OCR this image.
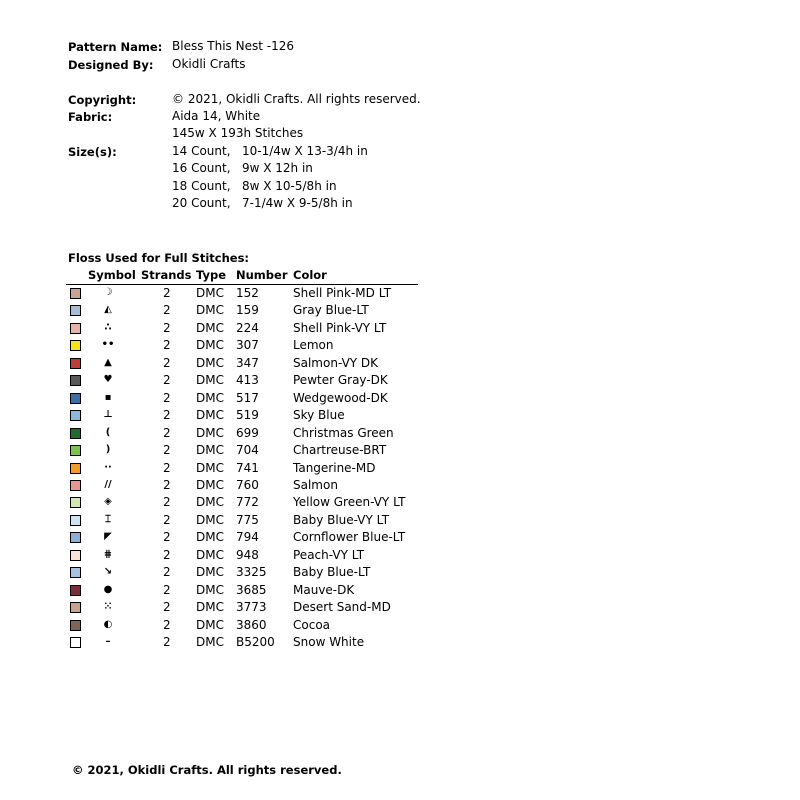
Pattern Name: Bless This Nest -126
Designed By: Okidli Crafts
Copyright:	© 2021, Okidli Crafts. All rights reserved.
Fabric:	Aida 14, White
145w X 193h Stitches
Size(s):	14 Count,   10-1/4w X 13-3/4h in
16 Count,   9w X 12h in
18 Count,   8w X 10-5/8h in
20 Count,   7-1/4w X 9-5/8h in
Floss Used for Full Stitches:
Symbol Strands Type Number Color
☽	2 DMC 152	Shell Pink-MD LT
◭	2 DMC 159	Gray Blue-LT
∴	2 DMC 224	Shell Pink-VY LT
••	2 DMC 307	Lemon
▲	2 DMC 347	Salmon-VY DK
♥	2 DMC 413	Pewter Gray-DK
▪	2 DMC 517	Wedgewood-DK
⊥	2 DMC 519	Sky Blue
(	2 DMC 699	Christmas Green
)	2 DMC 704	Chartreuse-BRT
··	2 DMC 741	Tangerine-MD
//	2 DMC 760	Salmon
◈	2 DMC 772	Yellow Green-VY LT
⌶	2 DMC 775	Baby Blue-VY LT
◤	2 DMC 794	Cornflower Blue-LT
⋕	2 DMC 948	Peach-VY LT
↘	2 DMC 3325 Baby Blue-LT
●	2 DMC 3685 Mauve-DK
⁙	2 DMC 3773 Desert Sand-MD
◐	2 DMC 3860 Cocoa
–	2 DMC B5200 Snow White
© 2021, Okidli Crafts. All rights reserved.
